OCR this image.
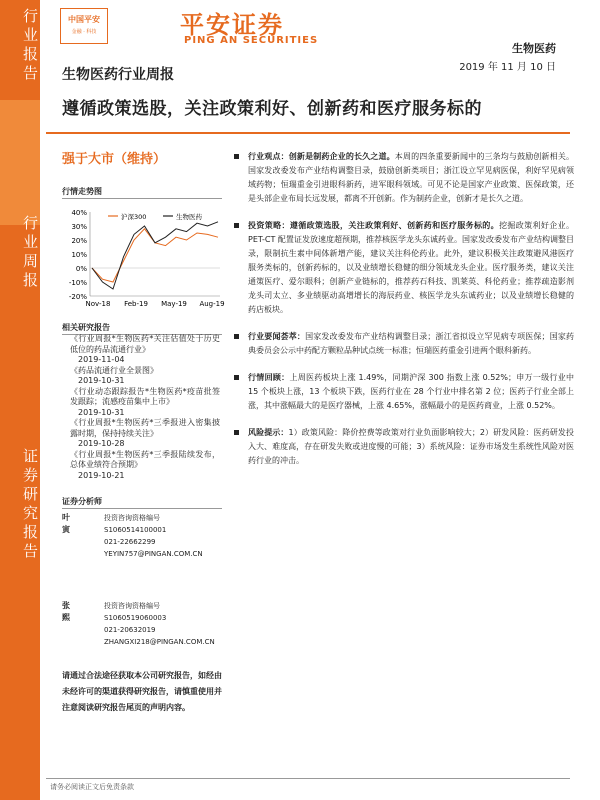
行业报告
行业周报
证券研究报告
中国平安
金融 · 科技	平安证券
PING AN SECURITIES
生物医药
2019 年 11 月 10 日
生物医药行业周报
遵循政策选股，关注政策利好、创新药和医疗服务标的
强于大市（维持）
行情走势图
40%
30%
20%
10%
0%
-10%
-20%
Nov-18 Feb-19 May-19 Aug-19
沪深300	生物医药
相关研究报告
《行业周报*生物医药*关注估值处于历史低位的药品流通行业》
2019-11-04
《药品流通行业全景图》
2019-10-31
《行业动态跟踪报告*生物医药*疫苗批签发跟踪；流感疫苗集中上市》
2019-10-31
《行业周报*生物医药*三季报进入密集披露时期，保持持续关注》
2019-10-28
《行业周报*生物医药*三季报陆续发布，总体业绩符合预期》
2019-10-21
证券分析师
叶寅
投资咨询资格编号
S1060514100001
021-22662299
YEYIN757@PINGAN.COM.CN
张熙
投资咨询资格编号
S1060519060003
021-20632019
ZHANGXI218@PINGAN.COM.CN
请通过合法途径获取本公司研究报告，如经由未经许可的渠道获得研究报告，请慎重使用并注意阅读研究报告尾页的声明内容。
行业观点：创新是制药企业的长久之道。本周的四条重要新闻中的三条均与鼓励创新相关。国家发改委发布产业结构调整目录，鼓励创新类项目；浙江设立罕见病医保，利好罕见病领域药物；恒瑞重金引进眼科新药，进军眼科领域。可见不论是国家产业政策、医保政策，还是头部企业布局长远发展，都离不开创新。作为制药企业，创新才是长久之道。
投资策略：遵循政策选股，关注政策利好、创新药和医疗服务标的。挖掘政策利好企业。PET-CT 配置证发放速度超预期，推荐核医学龙头东诚药业。国家发改委发布产业结构调整目录，限制抗生素中间体新增产能，建议关注科伦药业。此外，建议积极关注政策避风港医疗服务类标的，创新药标的，以及业绩增长稳健的细分领域龙头企业。医疗服务类，建议关注通策医疗、爱尔眼科；创新产业链标的，推荐药石科技、凯莱英、科伦药业；推荐疏造影剂龙头司太立、多业绩驱动高增增长的海辰药业、核医学龙头东诚药业；以及业绩增长稳健的药店板块。
行业要闻荟萃：国家发改委发布产业结构调整目录；浙江省拟设立罕见病专项医保；国家药典委员会公示中药配方颗粒品种试点统一标准；恒瑞医药重金引进两个眼科新药。
行情回顾：上周医药板块上涨 1.49%，同期沪深 300 指数上涨 0.52%；申万一级行业中 15 个板块上涨，13 个板块下跌，医药行业在 28 个行业中排名第 2 位；医药子行业全部上涨，其中涨幅最大的是医疗器械，上涨 4.65%，涨幅最小的是医药商业，上涨 0.52%。
风险提示：1）政策风险：降价控费等政策对行业负面影响较大；2）研发风险：医药研发投入大、难度高，存在研发失败或进度慢的可能；3）系统风险：证券市场发生系统性风险对医药行业的冲击。
请务必阅读正文后免责条款
